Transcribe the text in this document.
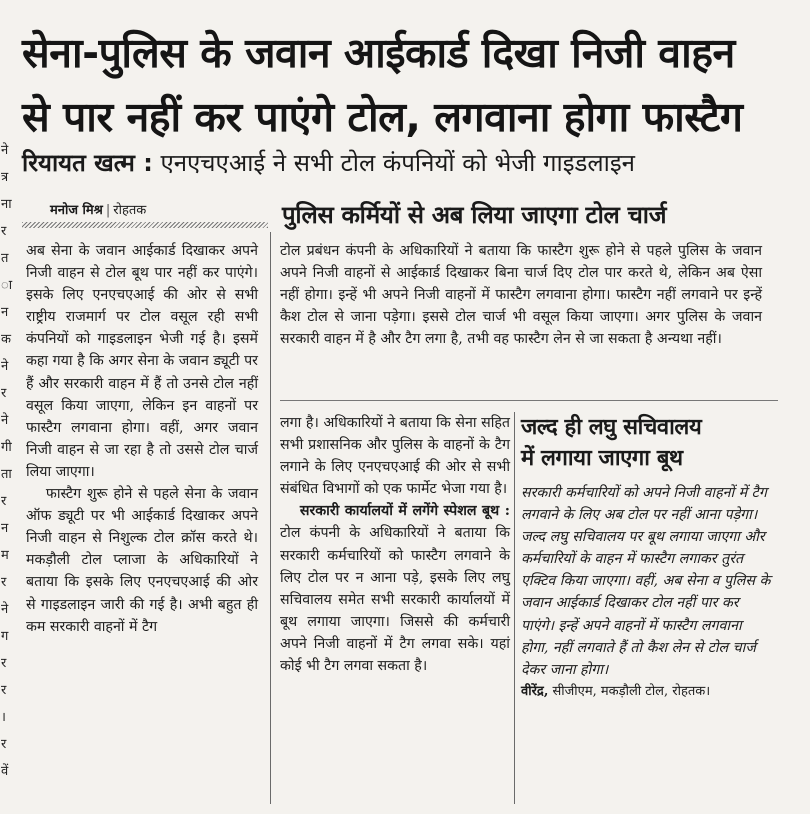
ने
त्र
ना
र
त
ा
न
क
ने
र
ने
गी
ता
र
न
म
र
ने
ग
र
र
।
र
वें
सेना-पुलिस के जवान आईकार्ड दिखा निजी वाहन
से पार नहीं कर पाएंगे टोल, लगवाना होगा फास्टैग
रियायत खत्म : एनएचएआई ने सभी टोल कंपनियों को भेजी गाइडलाइन
मनोज मिश्र | रोहतक	पुलिस कर्मियों से अब लिया जाएगा टोल चार्ज

अब सेना के जवान आईकार्ड दिखाकर अपने निजी वाहन से टोल बूथ पार नहीं कर पाएंगे। इसके लिए एनएचएआई की ओर से सभी राष्ट्रीय राजमार्ग पर टोल वसूल रही सभी कंपनियों को गाइडलाइन भेजी गई है। इसमें कहा गया है कि अगर सेना के जवान ड्यूटी पर हैं और सरकारी वाहन में हैं तो उनसे टोल नहीं वसूल किया जाएगा, लेकिन इन वाहनों पर फास्टैग लगवाना होगा। वहीं, अगर जवान निजी वाहन से जा रहा है तो उससे टोल चार्ज लिया जाएगा।

फास्टैग शुरू होने से पहले सेना के जवान ऑफ ड्यूटी पर भी आईकार्ड दिखाकर अपने निजी वाहन से निशुल्क टोल क्रॉस करते थे। मकड़ौली टोल प्लाजा के अधिकारियों ने बताया कि इसके लिए एनएचएआई की ओर से गाइडलाइन जारी की गई है। अभी बहुत ही कम सरकारी वाहनों में टैग

टोल प्रबंधन कंपनी के अधिकारियों ने बताया कि फास्टैग शुरू होने से पहले पुलिस के जवान अपने निजी वाहनों से आईकार्ड दिखाकर बिना चार्ज दिए टोल पार करते थे, लेकिन अब ऐसा नहीं होगा। इन्हें भी अपने निजी वाहनों में फास्टैग लगवाना होगा। फास्टैग नहीं लगवाने पर इन्हें कैश टोल से जाना पड़ेगा। इससे टोल चार्ज भी वसूल किया जाएगा। अगर पुलिस के जवान सरकारी वाहन में है और टैग लगा है, तभी वह फास्टैग लेन से जा सकता है अन्यथा नहीं।

लगा है। अधिकारियों ने बताया कि सेना सहित सभी प्रशासनिक और पुलिस के वाहनों के टैग लगाने के लिए एनएचएआई की ओर से सभी संबंधित विभागों को एक फार्मेट भेजा गया है।

सरकारी कार्यालयों में लगेंगे स्पेशल बूथ : टोल कंपनी के अधिकारियों ने बताया कि सरकारी कर्मचारियों को फास्टैग लगवाने के लिए टोल पर न आना पड़े, इसके लिए लघु सचिवालय समेत सभी सरकारी कार्यालयों में बूथ लगाया जाएगा। जिससे की कर्मचारी अपने निजी वाहनों में टैग लगवा सके। यहां कोई भी टैग लगवा सकता है।

जल्द ही लघु सचिवालय
में लगाया जाएगा बूथ
सरकारी कर्मचारियों को अपने निजी वाहनों में टैग लगवाने के लिए अब टोल पर नहीं आना पड़ेगा। जल्द लघु सचिवालय पर बूथ लगाया जाएगा और कर्मचारियों के वाहन में फास्टैग लगाकर तुरंत एक्टिव किया जाएगा। वहीं, अब सेना व पुलिस के जवान आईकार्ड दिखाकर टोल नहीं पार कर पाएंगे। इन्हें अपने वाहनों में फास्टैग लगवाना होगा, नहीं लगवाते हैं तो कैश लेन से टोल चार्ज देकर जाना होगा।
वीरेंद्र, सीजीएम, मकड़ौली टोल, रोहतक।
